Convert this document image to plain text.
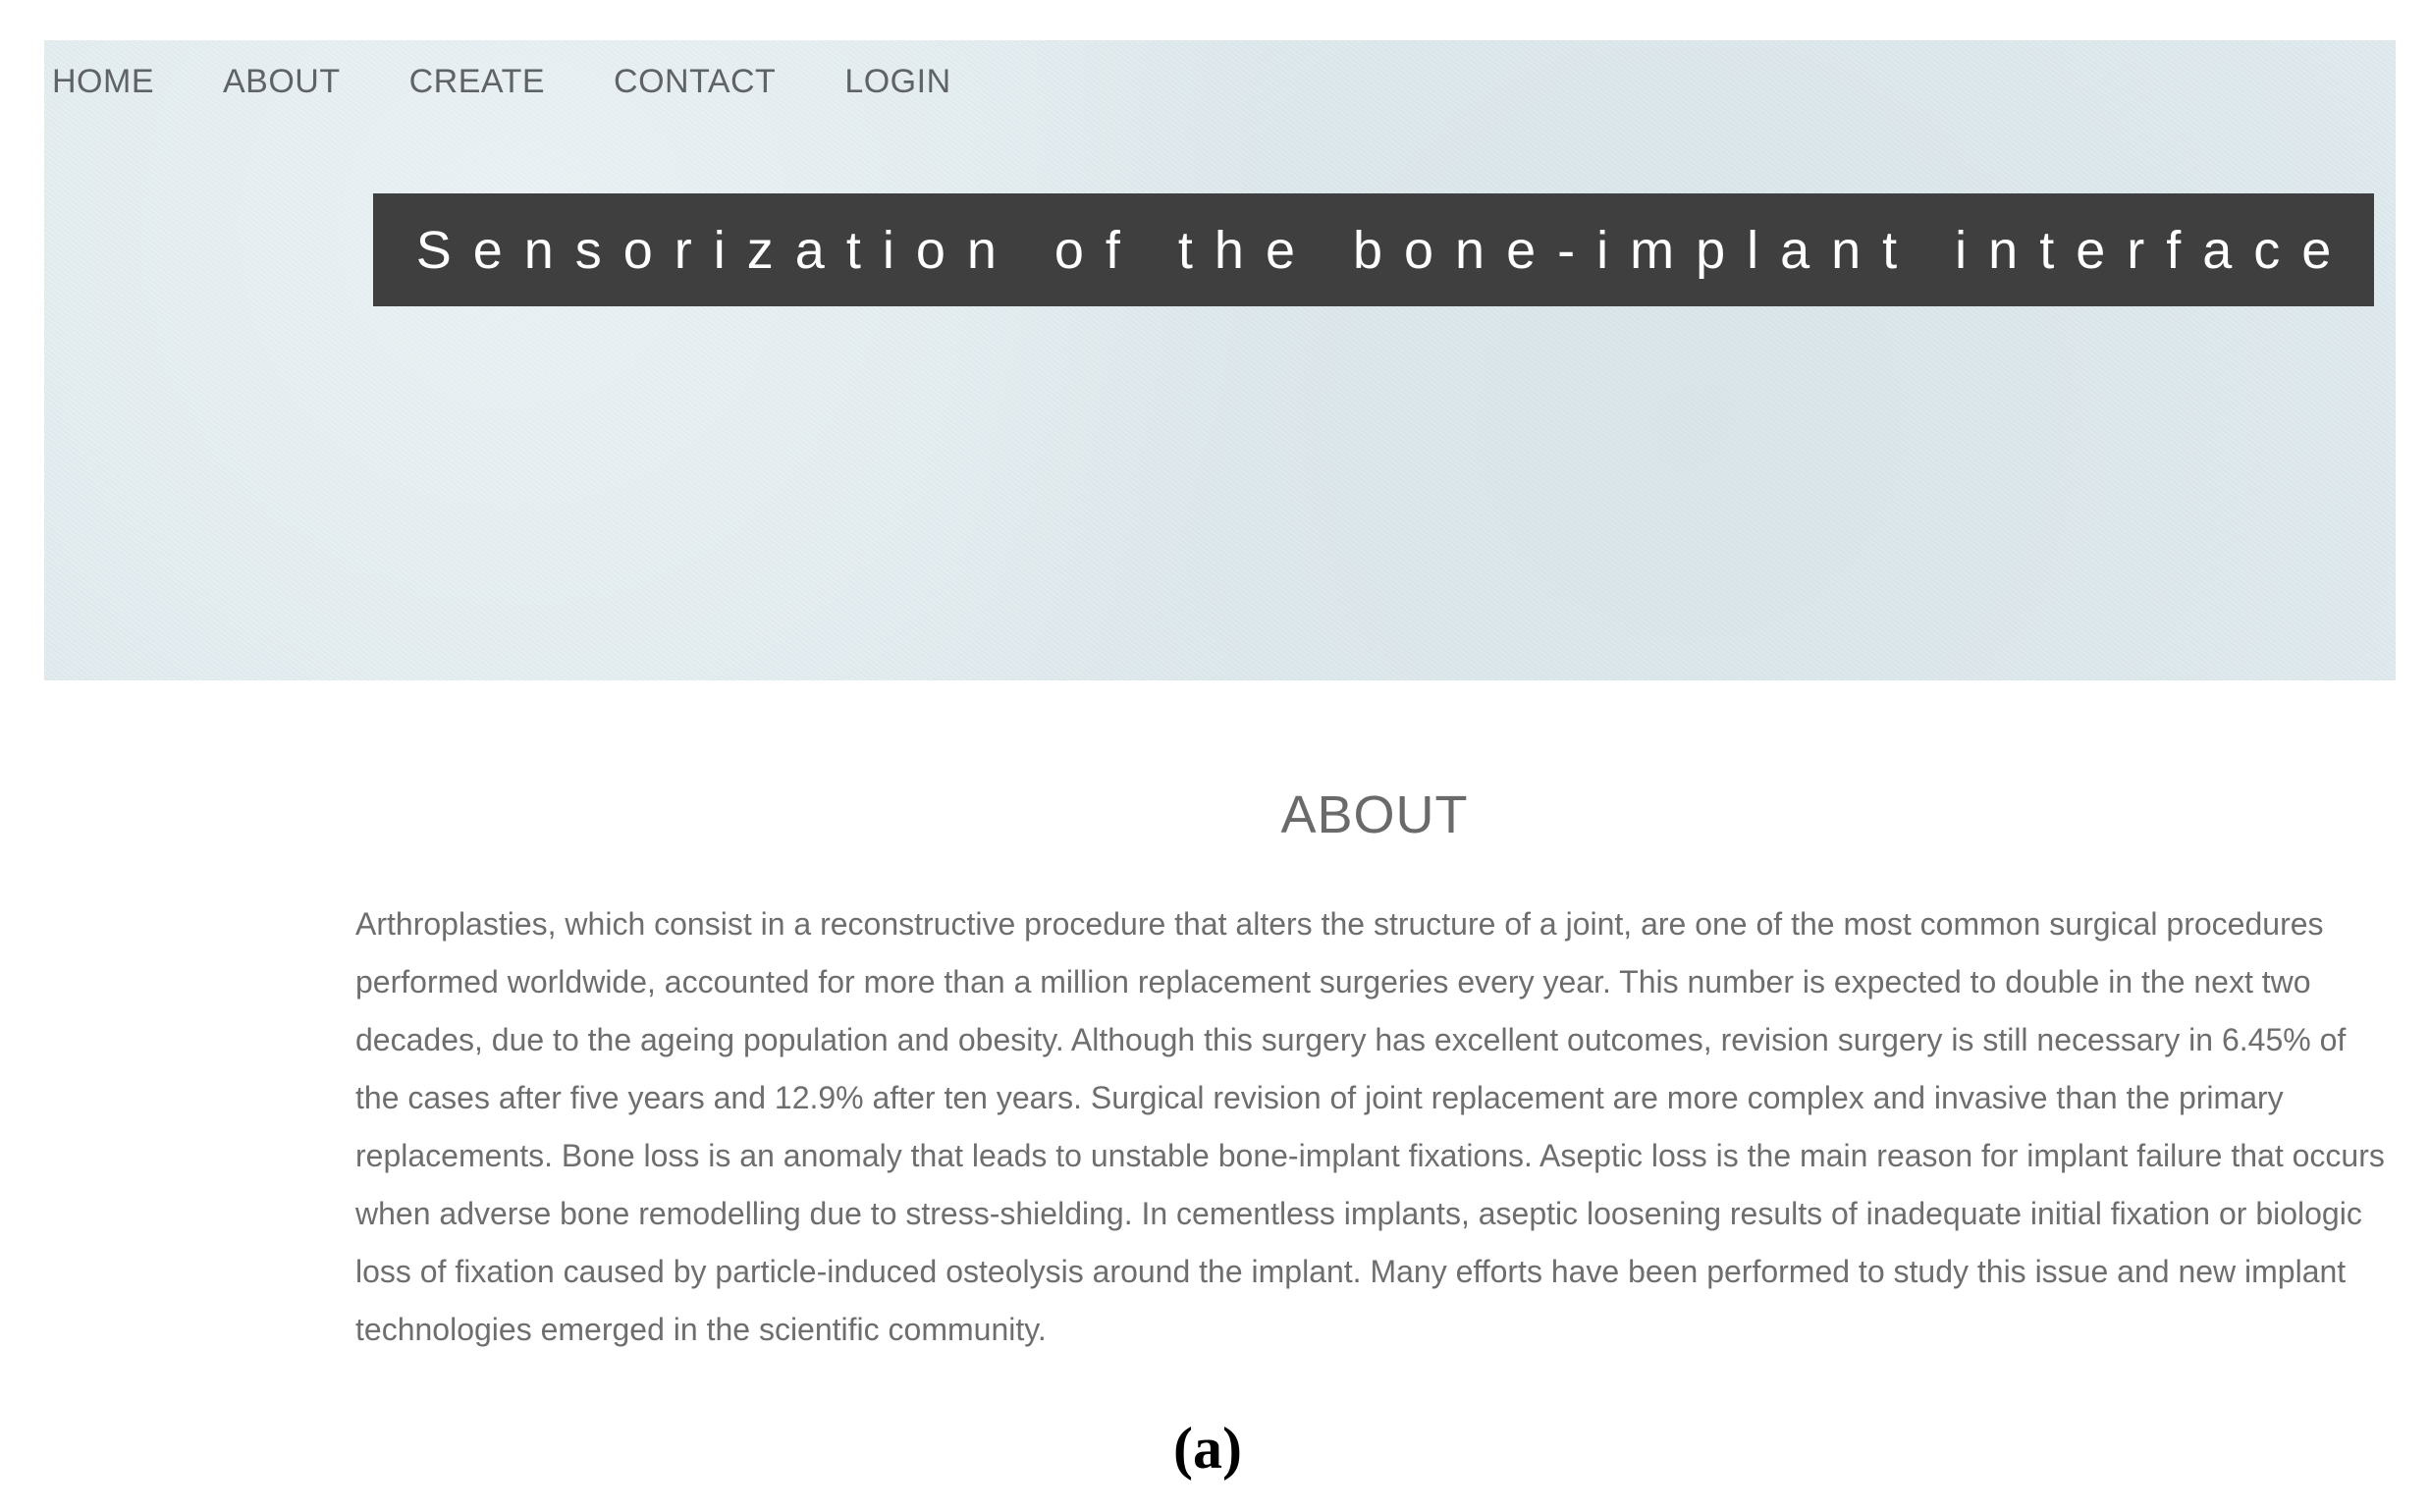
HOME ABOUT CREATE CONTACT LOGIN
Sensorization of the bone-implant interface
ABOUT

Arthroplasties, which consist in a reconstructive procedure that alters the structure of a joint, are one of the most common surgical procedures performed worldwide, accounted for more than a million replacement surgeries every year. This number is expected to double in the next two decades, due to the ageing population and obesity. Although this surgery has excellent outcomes, revision surgery is still necessary in 6.45% of the cases after five years and 12.9% after ten years. Surgical revision of joint replacement are more complex and invasive than the primary replacements. Bone loss is an anomaly that leads to unstable bone-implant fixations. Aseptic loss is the main reason for implant failure that occurs when adverse bone remodelling due to stress-shielding. In cementless implants, aseptic loosening results of inadequate initial fixation or biologic loss of fixation caused by particle-induced osteolysis around the implant. Many efforts have been performed to study this issue and new implant technologies emerged in the scientific community.

(a)
